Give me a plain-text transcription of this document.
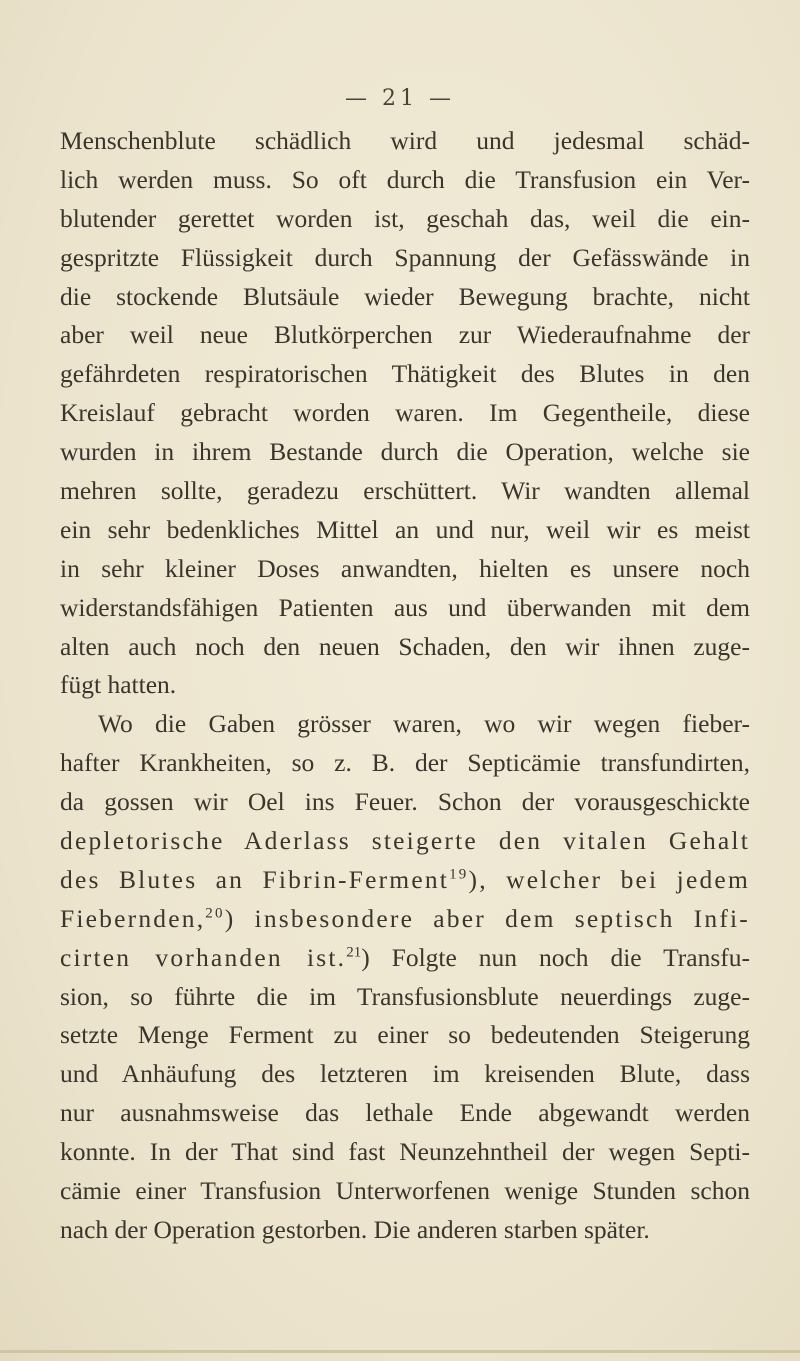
— 21 —
Menschenblute schädlich wird und jedesmal schäd-
lich werden muss. So oft durch die Transfusion ein Ver-
blutender gerettet worden ist, geschah das, weil die ein-
gespritzte Flüssigkeit durch Spannung der Gefässwände in
die stockende Blutsäule wieder Bewegung brachte, nicht
aber weil neue Blutkörperchen zur Wiederaufnahme der
gefährdeten respiratorischen Thätigkeit des Blutes in den
Kreislauf gebracht worden waren. Im Gegentheile, diese
wurden in ihrem Bestande durch die Operation, welche sie
mehren sollte, geradezu erschüttert. Wir wandten allemal
ein sehr bedenkliches Mittel an und nur, weil wir es meist
in sehr kleiner Doses anwandten, hielten es unsere noch
widerstandsfähigen Patienten aus und überwanden mit dem
alten auch noch den neuen Schaden, den wir ihnen zuge-
fügt hatten.
Wo die Gaben grösser waren, wo wir wegen fieber-
hafter Krankheiten, so z. B. der Septicämie transfundirten,
da gossen wir Oel ins Feuer. Schon der vorausgeschickte
depletorische Aderlass steigerte den vitalen Gehalt
des Blutes an Fibrin-Ferment$^{19}$), welcher bei jedem
Fiebernden,$^{20}$) insbesondere aber dem septisch Infi-
cirten vorhanden ist.$^{21}$) Folgte nun noch die Transfu-
sion, so führte die im Transfusionsblute neuerdings zuge-
setzte Menge Ferment zu einer so bedeutenden Steigerung
und Anhäufung des letzteren im kreisenden Blute, dass
nur ausnahmsweise das lethale Ende abgewandt werden
konnte. In der That sind fast Neunzehntheil der wegen Septi-
cämie einer Transfusion Unterworfenen wenige Stunden schon
nach der Operation gestorben. Die anderen starben später.
